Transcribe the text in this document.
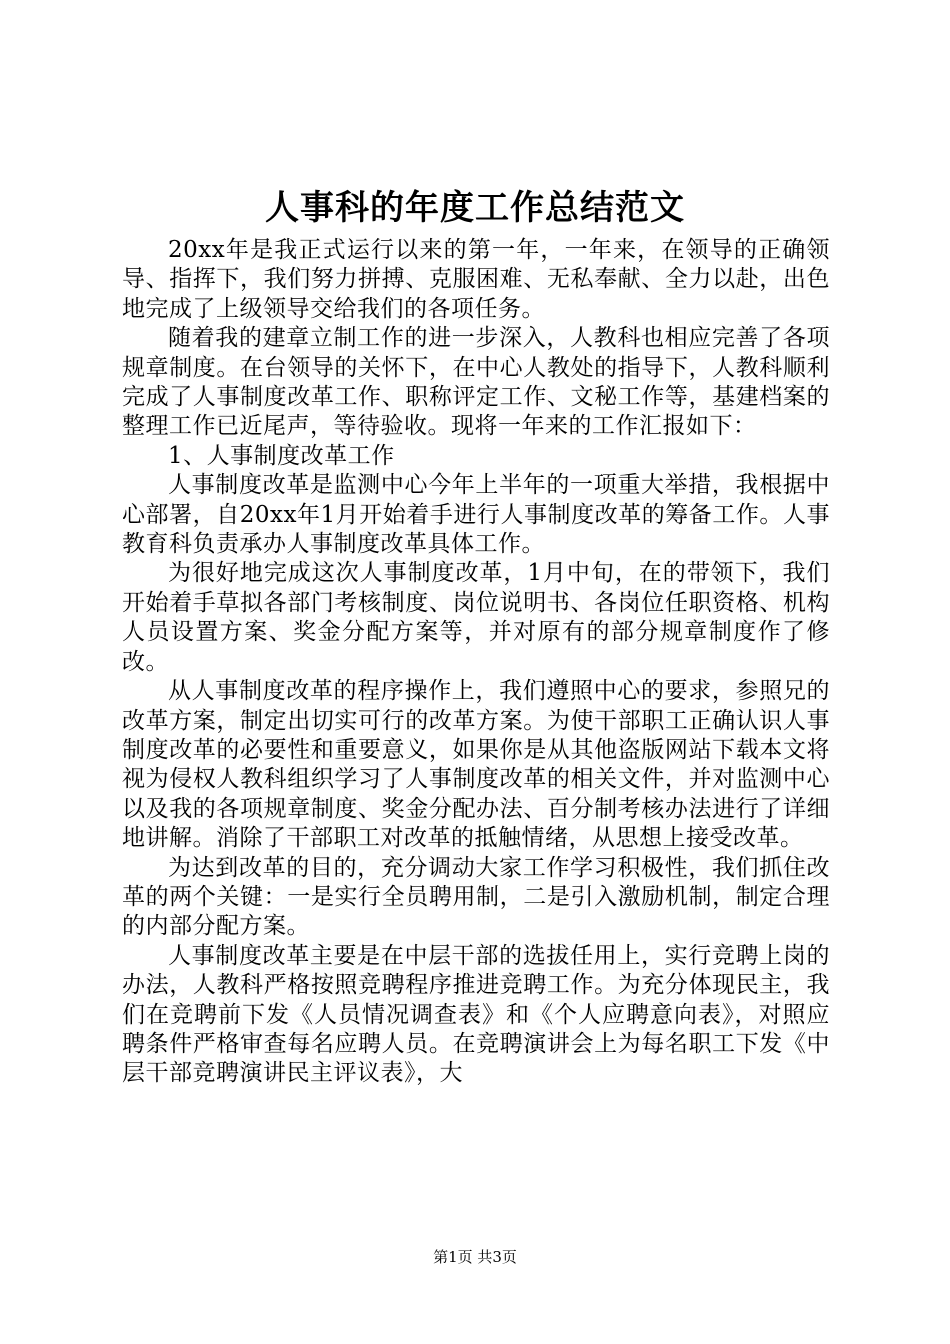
人事科的年度工作总结范文

20xx年是我正式运行以来的第一年，一年来，在领导的正确领导、指挥下，我们努力拼搏、克服困难、无私奉献、全力以赴，出色地完成了上级领导交给我们的各项任务。

随着我的建章立制工作的进一步深入，人教科也相应完善了各项规章制度。在台领导的关怀下，在中心人教处的指导下，人教科顺利完成了人事制度改革工作、职称评定工作、文秘工作等，基建档案的整理工作已近尾声，等待验收。现将一年来的工作汇报如下：

1、人事制度改革工作

人事制度改革是监测中心今年上半年的一项重大举措，我根据中心部署，自20xx年1月开始着手进行人事制度改革的筹备工作。人事教育科负责承办人事制度改革具体工作。

为很好地完成这次人事制度改革，1月中旬，在的带领下，我们开始着手草拟各部门考核制度、岗位说明书、各岗位任职资格、机构人员设置方案、奖金分配方案等，并对原有的部分规章制度作了修改。

从人事制度改革的程序操作上，我们遵照中心的要求，参照兄的改革方案，制定出切实可行的改革方案。为使干部职工正确认识人事制度改革的必要性和重要意义，如果你是从其他盗版网站下载本文将视为侵权人教科组织学习了人事制度改革的相关文件，并对监测中心以及我的各项规章制度、奖金分配办法、百分制考核办法进行了详细地讲解。消除了干部职工对改革的抵触情绪，从思想上接受改革。

为达到改革的目的，充分调动大家工作学习积极性，我们抓住改革的两个关键：一是实行全员聘用制，二是引入激励机制，制定合理的内部分配方案。

人事制度改革主要是在中层干部的选拔任用上，实行竞聘上岗的办法，人教科严格按照竞聘程序推进竞聘工作。为充分体现民主，我们在竞聘前下发《人员情况调查表》和《个人应聘意向表》，对照应聘条件严格审查每名应聘人员。在竞聘演讲会上为每名职工下发《中层干部竞聘演讲民主评议表》，大

第1页 共3页
